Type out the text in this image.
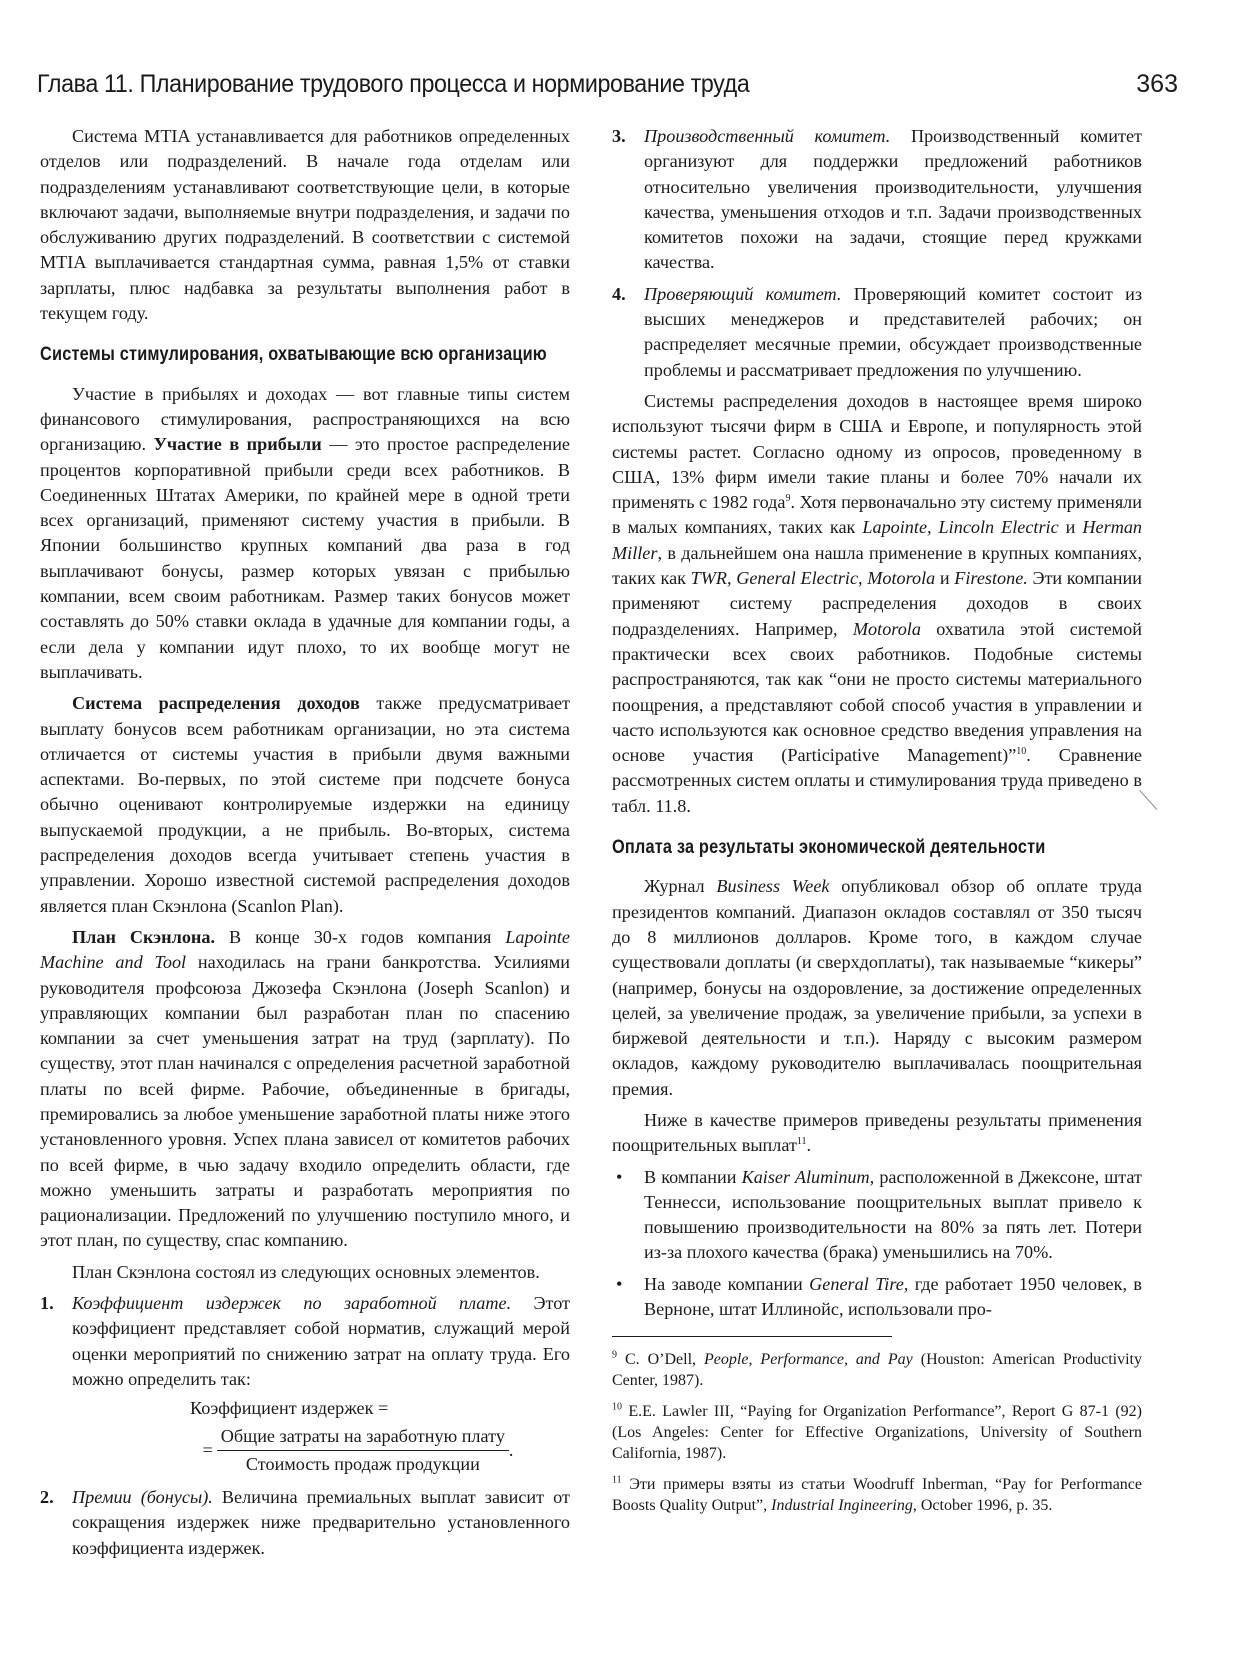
Глава 11. Планирование трудового процесса и нормирование труда	363

Система MTIA устанавливается для работников определенных отделов или подразделений. В начале года отделам или подразделениям устанавливают соответствующие цели, в которые включают задачи, выполняемые внутри подразделения, и задачи по обслуживанию других подразделений. В соответствии с системой MTIA выплачивается стандартная сумма, равная 1,5% от ставки зарплаты, плюс надбавка за результаты выполнения работ в текущем году.

Системы стимулирования, охватывающие всю организацию

Участие в прибылях и доходах — вот главные типы систем финансового стимулирования, распространяющихся на всю организацию. Участие в прибыли — это простое распределение процентов корпоративной прибыли среди всех работников. В Соединенных Штатах Америки, по крайней мере в одной трети всех организаций, применяют систему участия в прибыли. В Японии большинство крупных компаний два раза в год выплачивают бонусы, размер которых увязан с прибылью компании, всем своим работникам. Размер таких бонусов может составлять до 50% ставки оклада в удачные для компании годы, а если дела у компании идут плохо, то их вообще могут не выплачивать.

Система распределения доходов также предусматривает выплату бонусов всем работникам организации, но эта система отличается от системы участия в прибыли двумя важными аспектами. Во-первых, по этой системе при подсчете бонуса обычно оценивают контролируемые издержки на единицу выпускаемой продукции, а не прибыль. Во-вторых, система распределения доходов всегда учитывает степень участия в управлении. Хорошо известной системой распределения доходов является план Скэнлона (Scanlon Plan).

План Скэнлона. В конце 30-х годов компания Lapointe Machine and Tool находилась на грани банкротства. Усилиями руководителя профсоюза Джозефа Скэнлона (Joseph Scanlon) и управляющих компании был разработан план по спасению компании за счет уменьшения затрат на труд (зарплату). По существу, этот план начинался с определения расчетной заработной платы по всей фирме. Рабочие, объединенные в бригады, премировались за любое уменьшение заработной платы ниже этого установленного уровня. Успех плана зависел от комитетов рабочих по всей фирме, в чью задачу входило определить области, где можно уменьшить затраты и разработать мероприятия по рационализации. Предложений по улучшению поступило много, и этот план, по существу, спас компанию.

План Скэнлона состоял из следующих основных элементов.

1. Коэффициент издержек по заработной плате. Этот коэффициент представляет собой норматив, служащий мерой оценки мероприятий по снижению затрат на оплату труда. Его можно определить так:
Коэффициент издержек =
= $\frac{\text{Общие затраты на заработную плату}}{\text{Стоимость продаж продукции}}$ .
2. Премии (бонусы). Величина премиальных выплат зависит от сокращения издержек ниже предварительно установленного коэффициента издержек.
3. Производственный комитет. Производственный комитет организуют для поддержки предложений работников относительно увеличения производительности, улучшения качества, уменьшения отходов и т.п. Задачи производственных комитетов похожи на задачи, стоящие перед кружками качества.
4. Проверяющий комитет. Проверяющий комитет состоит из высших менеджеров и представителей рабочих; он распределяет месячные премии, обсуждает производственные проблемы и рассматривает предложения по улучшению.

Системы распределения доходов в настоящее время широко используют тысячи фирм в США и Европе, и популярность этой системы растет. Согласно одному из опросов, проведенному в США, 13% фирм имели такие планы и более 70% начали их применять с 1982 года$^9$. Хотя первоначально эту систему применяли в малых компаниях, таких как Lapointe, Lincoln Electric и Herman Miller, в дальнейшем она нашла применение в крупных компаниях, таких как TWR, General Electric, Motorola и Firestone. Эти компании применяют систему распределения доходов в своих подразделениях. Например, Motorola охватила этой системой практически всех своих работников. Подобные системы распространяются, так как “они не просто системы материального поощрения, а представляют собой способ участия в управлении и часто используются как основное средство введения управления на основе участия (Participative Management)”$^{10}$. Сравнение рассмотренных систем оплаты и стимулирования труда приведено в табл. 11.8.

Оплата за результаты экономической деятельности

Журнал Business Week опубликовал обзор об оплате труда президентов компаний. Диапазон окладов составлял от 350 тысяч до 8 миллионов долларов. Кроме того, в каждом случае существовали доплаты (и сверхдоплаты), так называемые “кикеры” (например, бонусы на оздоровление, за достижение определенных целей, за увеличение продаж, за увеличение прибыли, за успехи в биржевой деятельности и т.п.). Наряду с высоким размером окладов, каждому руководителю выплачивалась поощрительная премия.

Ниже в качестве примеров приведены результаты применения поощрительных выплат$^{11}$.

• В компании Kaiser Aluminum, расположенной в Джексоне, штат Теннесси, использование поощрительных выплат привело к повышению производительности на 80% за пять лет. Потери из-за плохого качества (брака) уменьшились на 70%.
• На заводе компании General Tire, где работает 1950 человек, в Верноне, штат Иллинойс, использовали про-

$^9$ C. O’Dell, People, Performance, and Pay (Houston: American Productivity Center, 1987).

$^{10}$ E.E. Lawler III, “Paying for Organization Performance”, Report G 87-1 (92) (Los Angeles: Center for Effective Organizations, University of Southern California, 1987).

$^{11}$ Эти примеры взяты из статьи Woodruff Inberman, “Pay for Performance Boosts Quality Output”, Industrial Ingineering, October 1996, p. 35.
